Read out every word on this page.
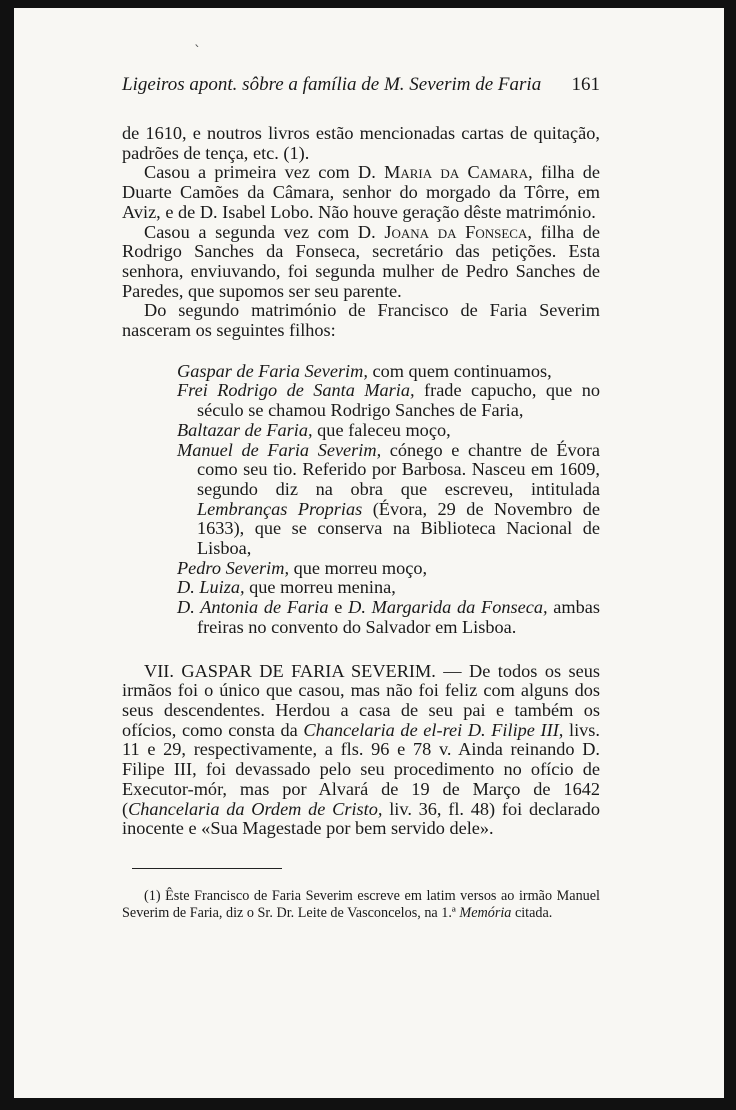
`
Ligeiros apont. sôbre a família de M. Severim de Faria 161

de 1610, e noutros livros estão mencionadas cartas de quitação, padrões de tença, etc. (1).

Casou a primeira vez com D. Maria da Camara, filha de Duarte Camões da Câmara, senhor do morgado da Tôrre, em Aviz, e de D. Isabel Lobo. Não houve geração dêste matrimónio.

Casou a segunda vez com D. Joana da Fonseca, filha de Rodrigo Sanches da Fonseca, secretário das petições. Esta senhora, enviuvando, foi segunda mulher de Pedro Sanches de Paredes, que supomos ser seu parente.

Do segundo matrimónio de Francisco de Faria Severim nasceram os seguintes filhos:

Gaspar de Faria Severim, com quem continuamos,

Frei Rodrigo de Santa Maria, frade capucho, que no século se chamou Rodrigo Sanches de Faria,

Baltazar de Faria, que faleceu moço,

Manuel de Faria Severim, cónego e chantre de Évora como seu tio. Referido por Barbosa. Nasceu em 1609, segundo diz na obra que escreveu, intitulada Lembranças Proprias (Évora, 29 de Novembro de 1633), que se conserva na Biblioteca Nacional de Lisboa,

Pedro Severim, que morreu moço,

D. Luiza, que morreu menina,

D. Antonia de Faria e D. Margarida da Fonseca, ambas freiras no convento do Salvador em Lisboa.

VII. GASPAR DE FARIA SEVERIM. — De todos os seus irmãos foi o único que casou, mas não foi feliz com alguns dos seus descendentes. Herdou a casa de seu pai e também os ofícios, como consta da Chancelaria de el-rei D. Filipe III, livs. 11 e 29, respectivamente, a fls. 96 e 78 v. Ainda reinando D. Filipe III, foi devassado pelo seu procedimento no ofício de Executor-mór, mas por Alvará de 19 de Março de 1642 (Chancelaria da Ordem de Cristo, liv. 36, fl. 48) foi declarado inocente e «Sua Magestade por bem servido dele».

(1) Êste Francisco de Faria Severim escreve em latim versos ao irmão Manuel Severim de Faria, diz o Sr. Dr. Leite de Vasconcelos, na 1.ª Memória citada.
